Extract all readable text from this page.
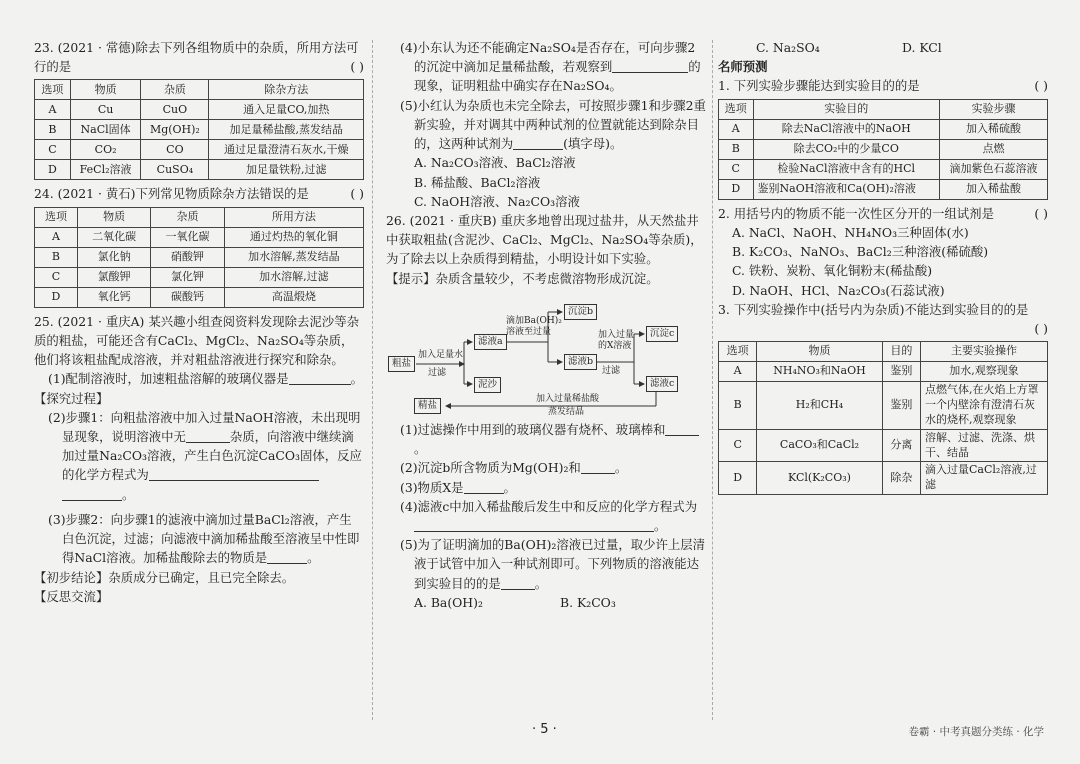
23. (2021 · 常德)除去下列各组物质中的杂质，所用方法可行的是	( )

选项	物质	杂质	除杂方法
A	Cu	CuO	通入足量CO,加热
B	NaCl固体	Mg(OH)₂	加足量稀盐酸,蒸发结晶
C	CO₂	CO	通过足量澄清石灰水,干燥
D	FeCl₂溶液	CuSO₄	加足量铁粉,过滤

24. (2021 · 黄石)下列常见物质除杂方法错误的是	( )

选项	物质	杂质	所用方法
A	二氧化碳	一氧化碳	通过灼热的氧化铜
B	氯化钠	硝酸钾	加水溶解,蒸发结晶
C	氯酸钾	氯化钾	加水溶解,过滤
D	氧化钙	碳酸钙	高温煅烧

25. (2021 · 重庆A) 某兴趣小组查阅资料发现除去泥沙等杂质的粗盐，可能还含有CaCl₂、MgCl₂、Na₂SO₄等杂质，他们将该粗盐配成溶液，并对粗盐溶液进行探究和除杂。

(1)配制溶液时，加速粗盐溶解的玻璃仪器是	。

【探究过程】

(2)步骤1：向粗盐溶液中加入过量NaOH溶液，未出现明显现象，说明溶液中无	杂质，向溶液中继续滴加过量Na₂CO₃溶液，产生白色沉淀CaCO₃固体，反应的化学方程式为 。

(3)步骤2：向步骤1的滤液中滴加过量BaCl₂溶液，产生白色沉淀，过滤；向滤液中滴加稀盐酸至溶液呈中性即得NaCl溶液。加稀盐酸除去的物质是	。

【初步结论】杂质成分已确定，且已完全除去。

【反思交流】

(4)小东认为还不能确定Na₂SO₄是否存在，可向步骤2的沉淀中滴加足量稀盐酸，若观察到	的现象，证明粗盐中确实存在Na₂SO₄。

(5)小红认为杂质也未完全除去，可按照步骤1和步骤2重新实验，并对调其中两种试剂的位置就能达到除杂目的，这两种试剂为	(填字母)。

A. Na₂CO₃溶液、BaCl₂溶液

B. 稀盐酸、BaCl₂溶液

C. NaOH溶液、Na₂CO₃溶液

26. (2021 · 重庆B) 重庆多地曾出现过盐井，从天然盐井中获取粗盐(含泥沙、CaCl₂、MgCl₂、Na₂SO₄等杂质)，为了除去以上杂质得到精盐，小明设计如下实验。

【提示】杂质含量较少，不考虑微溶物形成沉淀。

粗盐
加入足量水
过滤
滤液a
泥沙
滴加Ba(OH)₂
溶液至过量
沉淀b
滤液b
加入过量
的X溶液
过滤
沉淀c
滤液c
加入过量稀盐酸
蒸发结晶
精盐

(1)过滤操作中用到的玻璃仪器有烧杯、玻璃棒和。

(2)沉淀b所含物质为Mg(OH)₂和	。

(3)物质X是	。

(4)滤液c中加入稀盐酸后发生中和反应的化学方程式为。

(5)为了证明滴加的Ba(OH)₂溶液已过量，取少许上层清液于试管中加入一种试剂即可。下列物质的溶液能达到实验目的的是	。

A. Ba(OH)₂	B. K₂CO₃
C. Na₂SO₄	D. KCl

名师预测

1. 下列实验步骤能达到实验目的的是	( )

选项	实验目的	实验步骤
A	除去NaCl溶液中的NaOH	加入稀硫酸
B	除去CO₂中的少量CO	点燃
C	检验NaCl溶液中含有的HCl	滴加紫色石蕊溶液
D	鉴别NaOH溶液和Ca(OH)₂溶液	加入稀盐酸

2. 用括号内的物质不能一次性区分开的一组试剂是	( )

A. NaCl、NaOH、NH₄NO₃三种固体(水)

B. K₂CO₃、NaNO₃、BaCl₂三种溶液(稀硫酸)

C. 铁粉、炭粉、氧化铜粉末(稀盐酸)

D. NaOH、HCl、Na₂CO₃(石蕊试液)

3. 下列实验操作中(括号内为杂质)不能达到实验目的的是

( )

选项	物质	目的	主要实验操作
A	NH₄NO₃和NaOH	鉴别	加水,观察现象
B	H₂和CH₄	鉴别	点燃气体,在火焰上方罩一个内壁涂有澄清石灰水的烧杯,观察现象
C	CaCO₃和CaCl₂	分离	溶解、过滤、洗涤、烘干、结晶
D	KCl(K₂CO₃)	除杂	滴入过量CaCl₂溶液,过滤
· 5 ·	卷霸 · 中考真题分类练 · 化学
